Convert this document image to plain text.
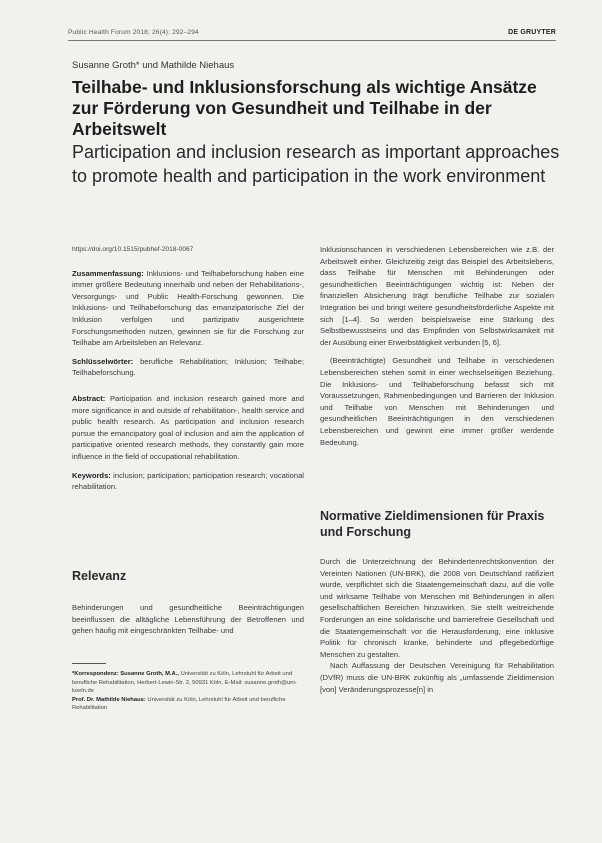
Public Health Forum 2018; 26(4): 292–294	DE GRUYTER
Susanne Groth* und Mathilde Niehaus
Teilhabe- und Inklusionsforschung als wichtige Ansätze zur Förderung von Gesundheit und Teilhabe in der Arbeitswelt
Participation and inclusion research as important approaches to promote health and participation in the work environment

https://doi.org/10.1515/pubhef-2018-0067

Zusammenfassung: Inklusions- und Teilhabeforschung haben eine immer größere Bedeutung innerhalb und neben der Rehabilitations-, Versorgungs- und Public Health-Forschung gewonnen. Die Inklusions- und Teilhabeforschung das emanzipatorische Ziel der Inklusion verfolgen und partizipativ ausgerichtete Forschungsmethoden nutzen, gewinnen sie für die Forschung zur Teilhabe am Arbeitsleben an Relevanz.

Schlüsselwörter: berufliche Rehabilitation; Inklusion; Teilhabe; Teilhabeforschung.

Abstract: Participation and inclusion research gained more and more significance in and outside of rehabilitation-, health service and public health research. As participation and inclusion research pursue the emancipatory goal of inclusion and aim the application of participative oriented research methods, they constantly gain more influence in the field of occupational rehabilitation.

Keywords: inclusion; participation; participation research; vocational rehabilitation.

Relevanz
Behinderungen und gesundheitliche Beeinträchtigungen beeinflussen die alltägliche Lebensführung der Betroffenen und gehen häufig mit eingeschränkten Teilhabe- und
*Korrespondenz: Susanne Groth, M.A., Universität zu Köln, Lehrstuhl für Arbeit und berufliche Rehabilitation, Herbert-Lewin-Str. 2, 50931 Köln, E-Mail: susanne.groth@uni-koeln.de
Prof. Dr. Mathilde Niehaus: Universität zu Köln, Lehrstuhl für Arbeit und berufliche Rehabilitation

Inklusionschancen in verschiedenen Lebensbereichen wie z.B. der Arbeitswelt einher. Gleichzeitig zeigt das Beispiel des Arbeitslebens, dass Teilhabe für Menschen mit Behinderungen oder gesundheitlichen Beeinträchtigungen wichtig ist: Neben der finanziellen Absicherung trägt berufliche Teilhabe zur sozialen Integration bei und bringt weitere gesundheitsförderliche Aspekte mit sich [1–4]. So werden beispielsweise eine Stärkung des Selbstbewusstseins und das Empfinden von Selbstwirksamkeit mit der Ausübung einer Erwerbstätigkeit verbunden [5, 6].

(Beeinträchtigte) Gesundheit und Teilhabe in verschiedenen Lebensbereichen stehen somit in einer wechselseitigen Beziehung. Die Inklusions- und Teilhabeforschung befasst sich mit Voraussetzungen, Rahmenbedingungen und Barrieren der Inklusion und Teilhabe von Menschen mit Behinderungen und gesundheitlichen Beeinträchtigungen in den verschiedenen Lebensbereichen und gewinnt eine immer größer werdende Bedeutung.

Normative Zieldimensionen für Praxis und Forschung

Durch die Unterzeichnung der Behindertenrechtskonvention der Vereinten Nationen (UN-BRK), die 2008 von Deutschland ratifiziert wurde, verpflichtet sich die Staatengemeinschaft dazu, auf die volle und wirksame Teilhabe von Menschen mit Behinderungen in allen gesellschaftlichen Bereichen hinzuwirken. Sie stellt weitreichende Forderungen an eine solidarische und barrierefreie Gesellschaft und die Staatengemeinschaft vor die Herausforderung, eine inklusive Politik für chronisch kranke, behinderte und pflegebedürftige Menschen zu gestalten.

Nach Auffassung der Deutschen Vereinigung für Rehabilitation (DVfR) muss die UN-BRK zukünftig als „umfassende Zieldimension [von] Veränderungsprozesse[n] in
